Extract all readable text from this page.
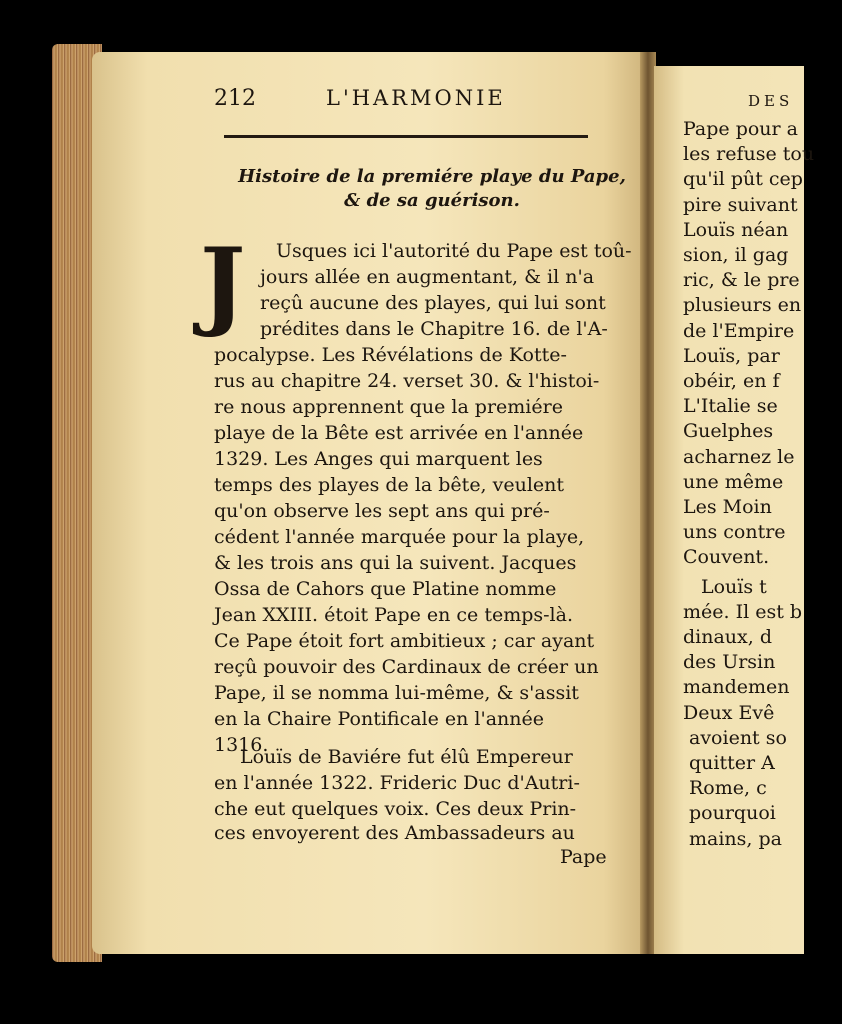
212	L'HARMONIE
Histoire de la premiére playe du Pape,
& de sa guérison.
J Usques ici l'autorité du Pape est toû-
jours allée en augmentant, & il n'a
reçû aucune des playes, qui lui sont
prédites dans le Chapitre 16. de l'A-
pocalypse. Les Révélations de Kotte-
rus au chapitre 24. verset 30. & l'histoi-
re nous apprennent que la premiére
playe de la Bête est arrivée en l'année
1329. Les Anges qui marquent les
temps des playes de la bête, veulent
qu'on observe les sept ans qui pré-
cédent l'année marquée pour la playe,
& les trois ans qui la suivent. Jacques
Ossa de Cahors que Platine nomme
Jean XXIII. étoit Pape en ce temps-là.
Ce Pape étoit fort ambitieux ; car ayant
reçû pouvoir des Cardinaux de créer un
Pape, il se nomma lui-même, & s'assit
en la Chaire Pontificale en l'année
1316.
Louïs de Baviére fut élû Empereur
en l'année 1322. Frideric Duc d'Autri-
che eut quelques voix. Ces deux Prin-
ces envoyerent des Ambassadeurs au
Pape
DES
Pape pour a
les refuse tou
qu'il pût cep
pire suivant
Louïs néan
sion, il gag
ric, & le pre
plusieurs en
de l'Empire
Louïs, par
obéir, en f
L'Italie se
Guelphes
acharnez le
une même
Les Moin
uns contre
Couvent.
Louïs t
mée. Il est b
dinaux, d
des Ursin
mandemen
Deux Evê
avoient so
quitter A
Rome, c
pourquoi
mains, pa
